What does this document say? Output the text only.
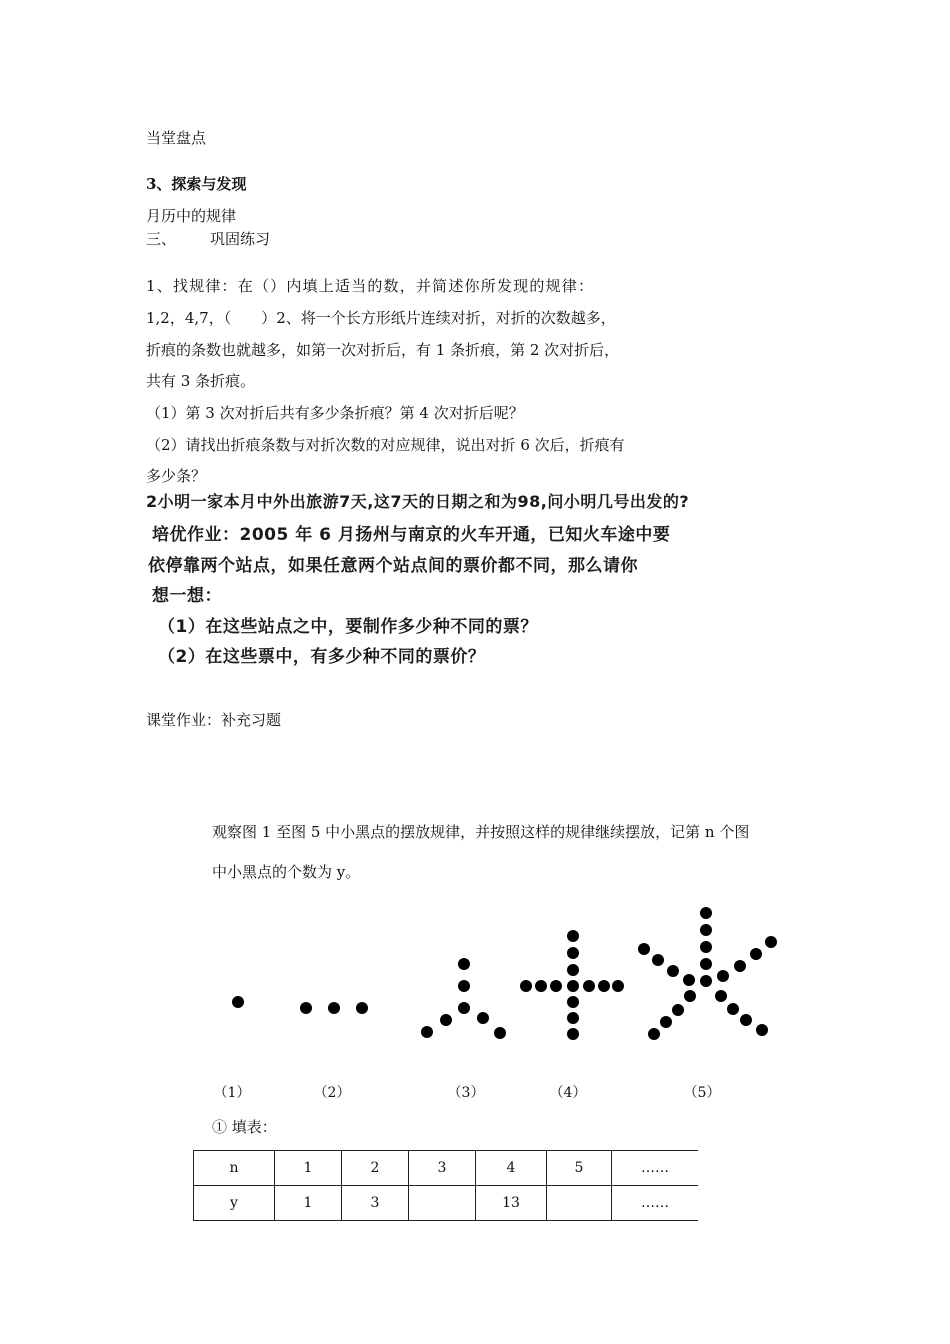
当堂盘点
3、探索与发现
月历中的规律
三、 巩固练习
1、找规律：在（）内填上适当的数，并简述你所发现的规律：
1,2，4,7，（　　）2、将一个长方形纸片连续对折，对折的次数越多，
折痕的条数也就越多，如第一次对折后，有 1 条折痕，第 2 次对折后，
共有 3 条折痕。
（1）第 3 次对折后共有多少条折痕？第 4 次对折后呢？
（2）请找出折痕条数与对折次数的对应规律，说出对折 6 次后，折痕有
多少条？
2小明一家本月中外出旅游7天,这7天的日期之和为98,问小明几号出发的?
培优作业：2005 年 6 月扬州与南京的火车开通，已知火车途中要
依停靠两个站点，如果任意两个站点间的票价都不同，那么请你
想一想：
（1）在这些站点之中，要制作多少种不同的票？
（2）在这些票中，有多少种不同的票价？
课堂作业：补充习题
观察图 1 至图 5 中小黑点的摆放规律，并按照这样的规律继续摆放，记第 n 个图
中小黑点的个数为 y。
（1）	（2）	（3）	（4）	（5）
① 填表：
n	1	2	3	4	5	……
y	1	3		13		……
